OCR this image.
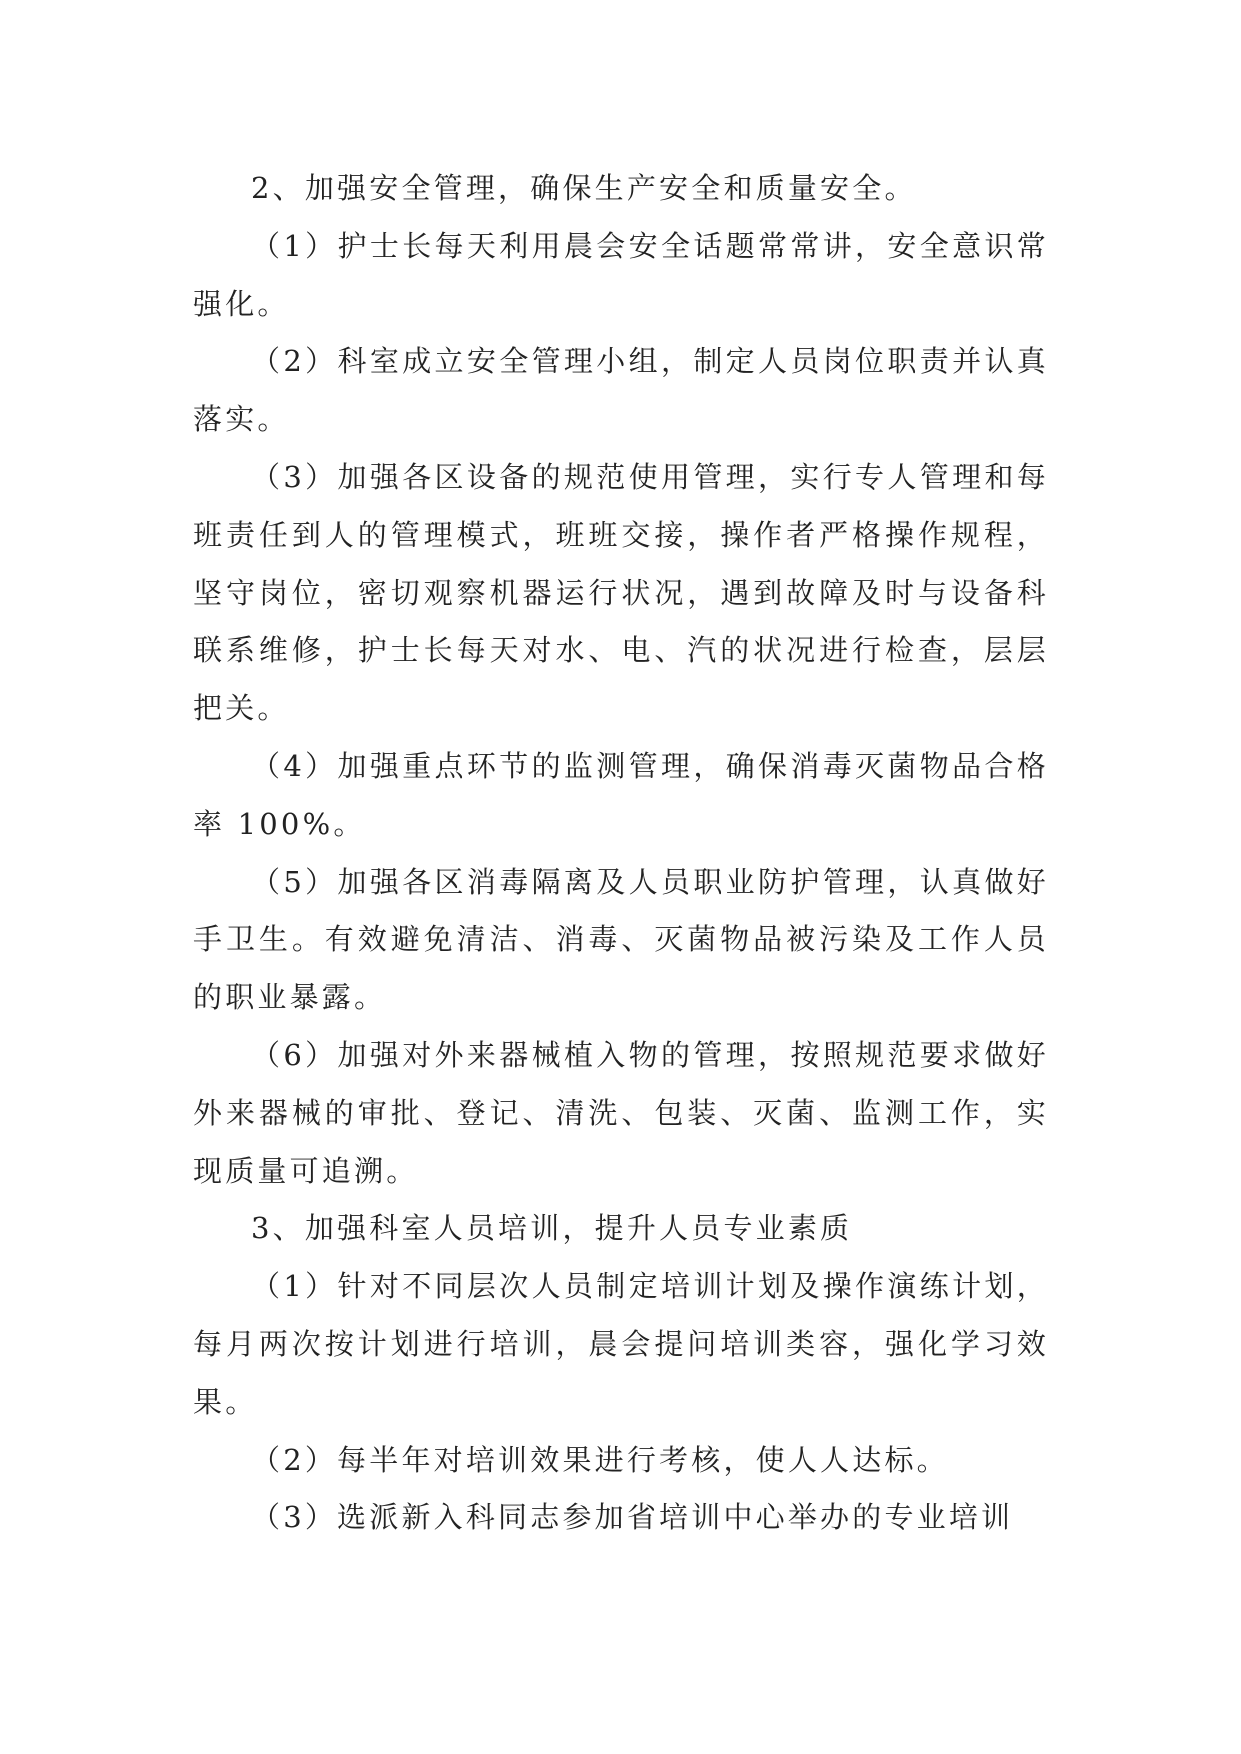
2、加强安全管理，确保生产安全和质量安全。

（1）护士长每天利用晨会安全话题常常讲，安全意识常强化。

（2）科室成立安全管理小组，制定人员岗位职责并认真落实。

（3）加强各区设备的规范使用管理，实行专人管理和每班责任到人的管理模式，班班交接，操作者严格操作规程，坚守岗位，密切观察机器运行状况，遇到故障及时与设备科联系维修，护士长每天对水、电、汽的状况进行检查，层层把关。

（4）加强重点环节的监测管理，确保消毒灭菌物品合格率 100%。

（5）加强各区消毒隔离及人员职业防护管理，认真做好手卫生。有效避免清洁、消毒、灭菌物品被污染及工作人员的职业暴露。

（6）加强对外来器械植入物的管理，按照规范要求做好外来器械的审批、登记、清洗、包装、灭菌、监测工作，实现质量可追溯。

3、加强科室人员培训，提升人员专业素质

（1）针对不同层次人员制定培训计划及操作演练计划，每月两次按计划进行培训，晨会提问培训类容，强化学习效果。

（2）每半年对培训效果进行考核，使人人达标。

（3）选派新入科同志参加省培训中心举办的专业培训
